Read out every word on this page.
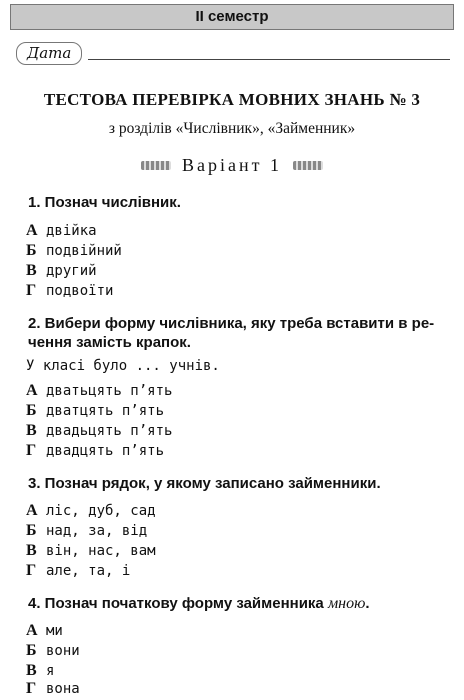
ІІ семестр
Дата
ТЕСТОВА ПЕРЕВІРКА МОВНИХ ЗНАНЬ № 3
з розділів «Числівник», «Займенник»
Варіант 1
1. Познач числівник.
А двійка
Б подвійний
В другий
Г подвоїти
2. Вибери форму числівника, яку треба вставити в ре-
чення замість крапок.
У класі було ... учнів.
А дватьцять п’ять
Б дватцять п’ять
В двадьцять п’ять
Г двадцять п’ять
3. Познач рядок, у якому записано займенники.
А ліс, дуб, сад
Б над, за, від
В він, нас, вам
Г але, та, і
4. Познач початкову форму займенника мною.
А ми
Б вони
В я
Г вона
